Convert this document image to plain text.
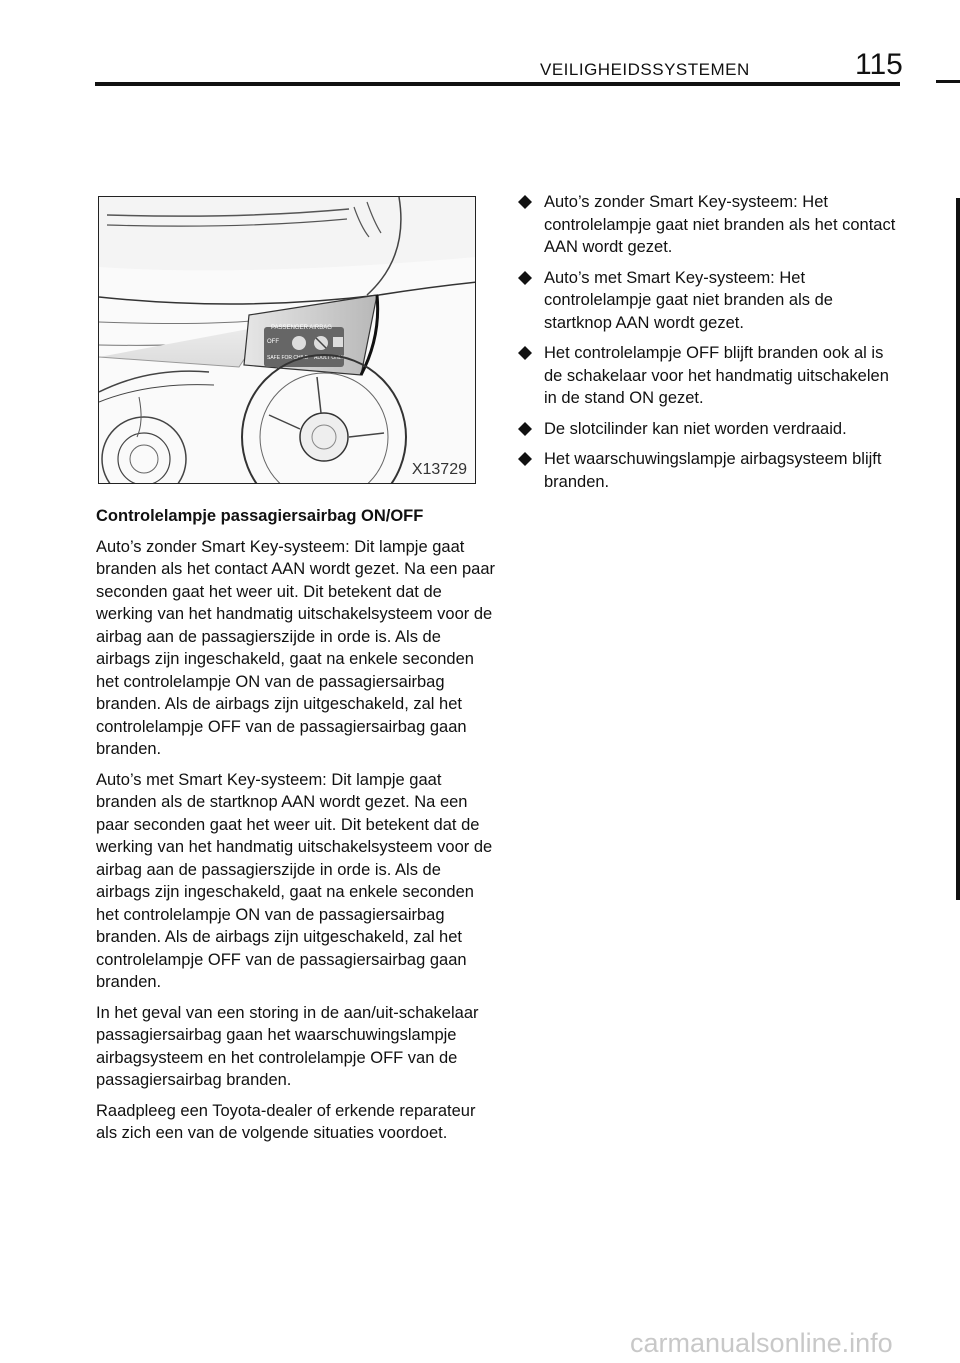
VEILIGHEIDSSYSTEMEN	115
PASSENGER AIRBAG
OFF
SAFE FOR CHILD ADULT ONLY
X13729

Controlelampje passagiersairbag ON/OFF

Auto’s zonder Smart Key‑systeem: Dit lampje gaat branden als het contact AAN wordt gezet. Na een paar seconden gaat het weer uit. Dit betekent dat de werking van het handmatig uitschakelsysteem voor de airbag aan de passagierszijde in orde is. Als de airbags zijn ingeschakeld, gaat na enkele seconden het controlelampje ON van de passagiersairbag branden. Als de airbags zijn uitgeschakeld, zal het controlelampje OFF van de passagiersairbag gaan branden.

Auto’s met Smart Key‑systeem: Dit lampje gaat branden als de startknop AAN wordt gezet. Na een paar seconden gaat het weer uit. Dit betekent dat de werking van het handmatig uitschakelsysteem voor de airbag aan de passagierszijde in orde is. Als de airbags zijn ingeschakeld, gaat na enkele seconden het controlelampje ON van de passagiersairbag branden. Als de airbags zijn uitgeschakeld, zal het controlelampje OFF van de passagiersairbag gaan branden.

In het geval van een storing in de aan/uit‑schakelaar passagiersairbag gaan het waarschuwingslampje airbagsysteem en het controlelampje OFF van de passagiersairbag branden.

Raadpleeg een Toyota‑dealer of erkende reparateur als zich een van de volgende situaties voordoet.

Auto’s zonder Smart Key‑systeem: Het controlelampje gaat niet branden als het contact AAN wordt gezet.
Auto’s met Smart Key‑systeem: Het controlelampje gaat niet branden als de startknop AAN wordt gezet.
Het controlelampje OFF blijft branden ook al is de schakelaar voor het handmatig uitschakelen in de stand ON gezet.
De slotcilinder kan niet worden verdraaid.
Het waarschuwingslampje airbagsysteem blijft branden.
carmanualsonline.info
